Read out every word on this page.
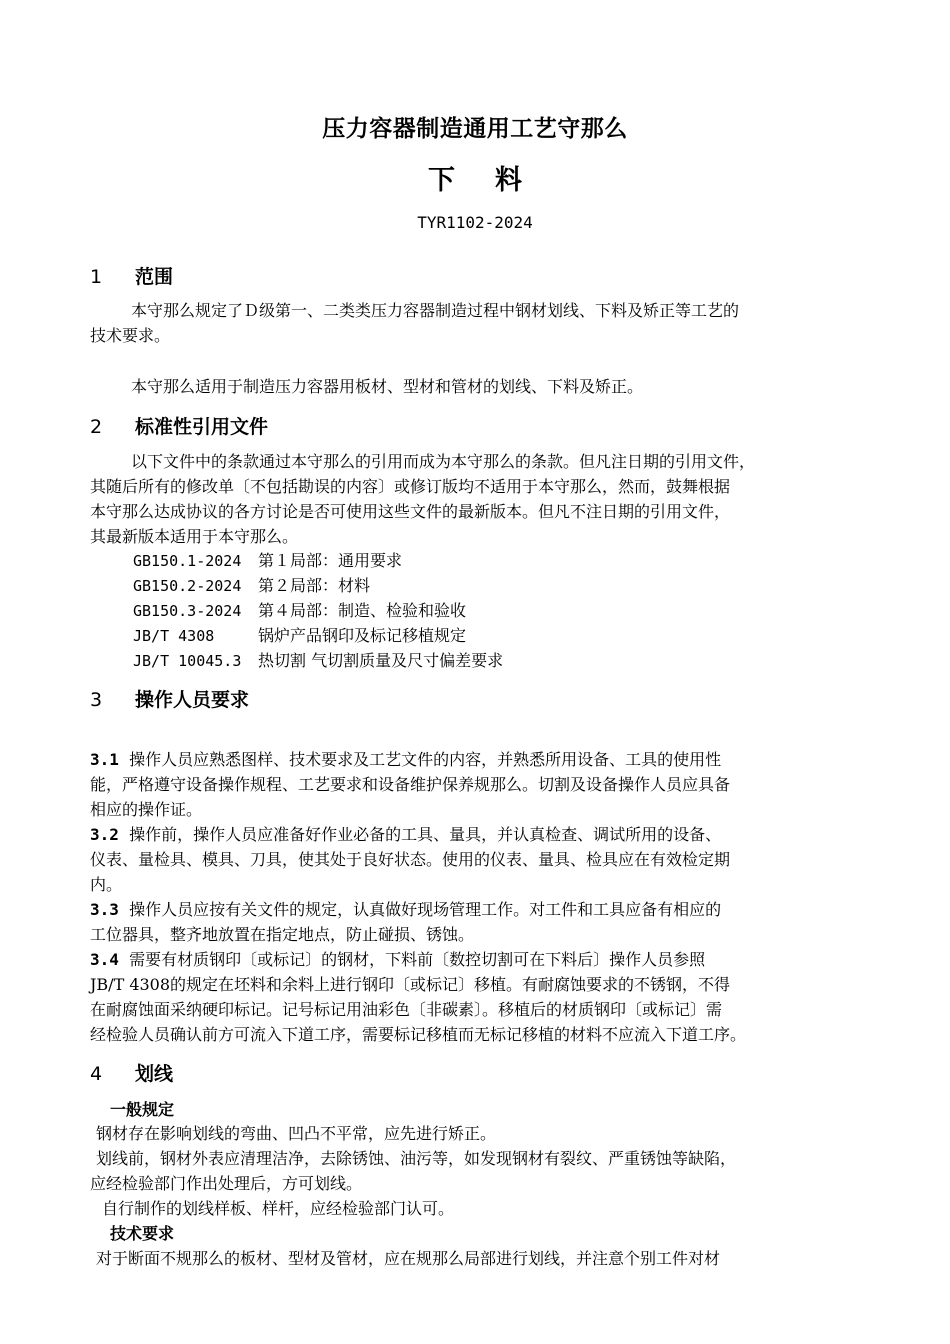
压力容器制造通用工艺守那么
下 料
TYR1102-2024
1 范围
本守那么规定了Ｄ级第一、二类类压力容器制造过程中钢材划线、下料及矫正等工艺的
技术要求。
本守那么适用于制造压力容器用板材、型材和管材的划线、下料及矫正。
2 标准性引用文件
以下文件中的条款通过本守那么的引用而成为本守那么的条款。但凡注日期的引用文件，
其随后所有的修改单〔不包括勘误的内容〕或修订版均不适用于本守那么，然而，鼓舞根据
本守那么达成协议的各方讨论是否可使用这些文件的最新版本。但凡不注日期的引用文件，
其最新版本适用于本守那么。
GB150.1-2024 第１局部：通用要求
GB150.2-2024 第２局部：材料
GB150.3-2024 第４局部：制造、检验和验收
JB/T 4308	锅炉产品钢印及标记移植规定
JB/T 10045.3 热切割 气切割质量及尺寸偏差要求
3 操作人员要求
3.1 操作人员应熟悉图样、技术要求及工艺文件的内容，并熟悉所用设备、工具的使用性
能，严格遵守设备操作规程、工艺要求和设备维护保养规那么。切割及设备操作人员应具备
相应的操作证。
3.2 操作前，操作人员应准备好作业必备的工具、量具，并认真检查、调试所用的设备、
仪表、量检具、模具、刀具，使其处于良好状态。使用的仪表、量具、检具应在有效检定期
内。
3.3 操作人员应按有关文件的规定，认真做好现场管理工作。对工件和工具应备有相应的
工位器具，整齐地放置在指定地点，防止碰损、锈蚀。
3.4 需要有材质钢印〔或标记〕的钢材，下料前〔数控切割可在下料后〕操作人员参照
JB/T 4308的规定在坯料和余料上进行钢印〔或标记〕移植。有耐腐蚀要求的不锈钢，不得
在耐腐蚀面采纳硬印标记。记号标记用油彩色〔非碳素〕。移植后的材质钢印〔或标记〕需
经检验人员确认前方可流入下道工序，需要标记移植而无标记移植的材料不应流入下道工序。
4 划线
一般规定
钢材存在影响划线的弯曲、凹凸不平常，应先进行矫正。
划线前，钢材外表应清理洁净，去除锈蚀、油污等，如发现钢材有裂纹、严重锈蚀等缺陷，
应经检验部门作出处理后，方可划线。
自行制作的划线样板、样杆，应经检验部门认可。
技术要求
对于断面不规那么的板材、型材及管材，应在规那么局部进行划线，并注意个别工件对材
